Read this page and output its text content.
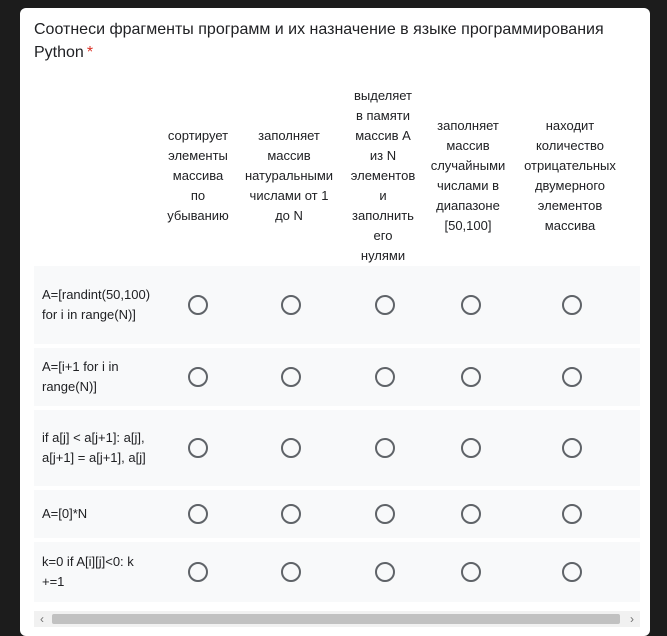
Соотнеси фрагменты программ и их назначение в языке программирования Python *
сортирует
элементы
массива
по
убыванию
заполняет
массив
натуральными
числами от 1
до N
выделяет
в памяти
массив A
из N
элементов
и
заполнить
его
нулями
заполняет
массив
случайными
числами в
диапазоне
[50,100]
находит
количество
отрицательных
двумерного
элементов
массива
A=[randint(50,100) for i in range(N)]
A=[i+1 for i in range(N)]
if a[j] < a[j+1]: a[j], a[j+1] = a[j+1], a[j]
A=[0]*N
k=0 if A[i][j]<0: k +=1
‹	›
